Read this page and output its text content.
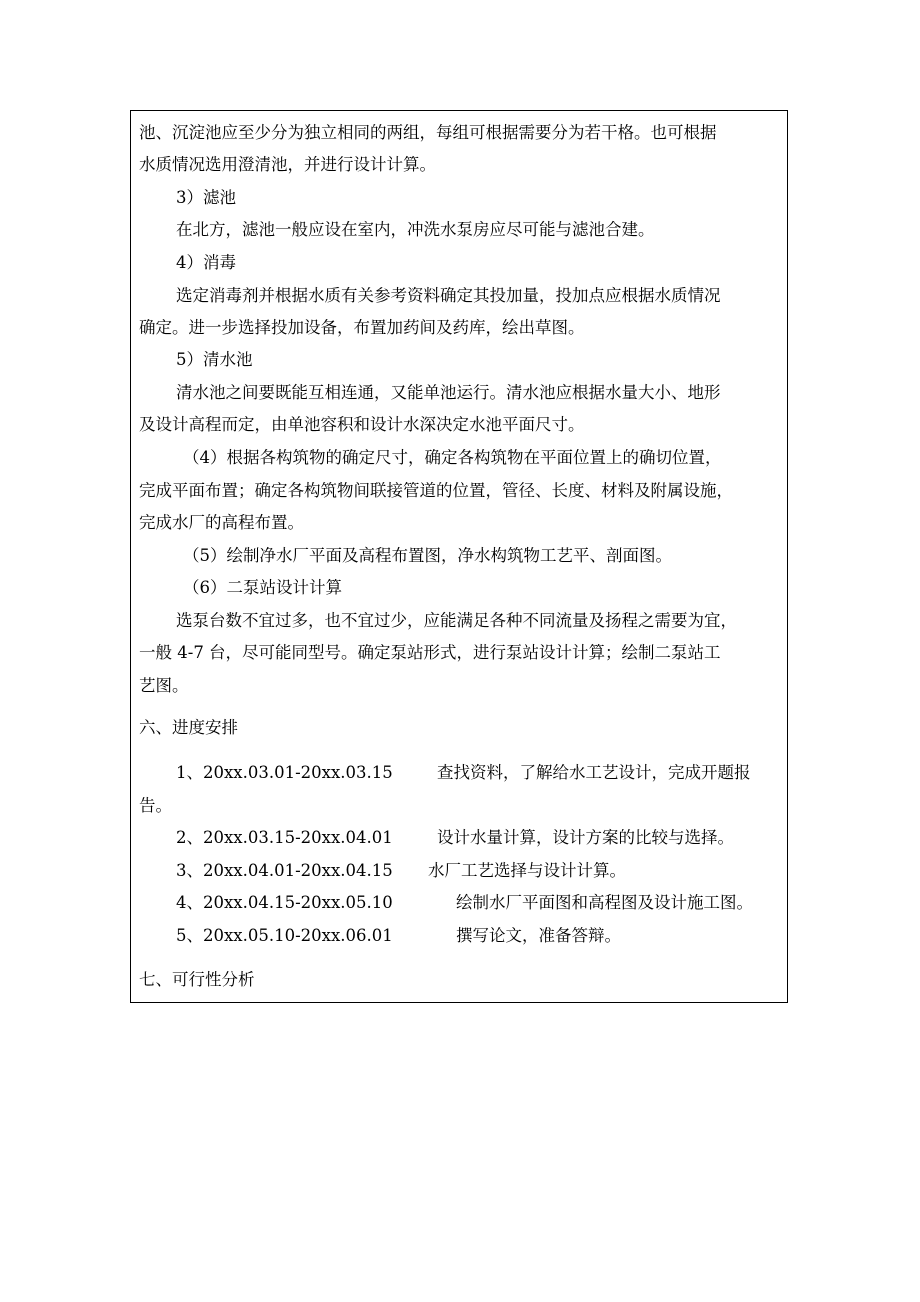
池、沉淀池应至少分为独立相同的两组，每组可根据需要分为若干格。也可根据
水质情况选用澄清池，并进行设计计算。
3）滤池
在北方，滤池一般应设在室内，冲洗水泵房应尽可能与滤池合建。
4）消毒
选定消毒剂并根据水质有关参考资料确定其投加量，投加点应根据水质情况
确定。进一步选择投加设备，布置加药间及药库，绘出草图。
5）清水池
清水池之间要既能互相连通，又能单池运行。清水池应根据水量大小、地形
及设计高程而定，由单池容积和设计水深决定水池平面尺寸。
（4）根据各构筑物的确定尺寸，确定各构筑物在平面位置上的确切位置，
完成平面布置；确定各构筑物间联接管道的位置，管径、长度、材料及附属设施，
完成水厂的高程布置。
（5）绘制净水厂平面及高程布置图，净水构筑物工艺平、剖面图。
（6）二泵站设计计算
选泵台数不宜过多，也不宜过少，应能满足各种不同流量及扬程之需要为宜，
一般 4-7 台，尽可能同型号。确定泵站形式，进行泵站设计计算；绘制二泵站工
艺图。
六、进度安排
1、20xx.03.01-20xx.03.15	查找资料，了解给水工艺设计，完成开题报
告。
2、20xx.03.15-20xx.04.01	设计水量计算，设计方案的比较与选择。
3、20xx.04.01-20xx.04.15 水厂工艺选择与设计计算。
4、20xx.04.15-20xx.05.10	绘制水厂平面图和高程图及设计施工图。
5、20xx.05.10-20xx.06.01	撰写论文，准备答辩。
七、可行性分析
